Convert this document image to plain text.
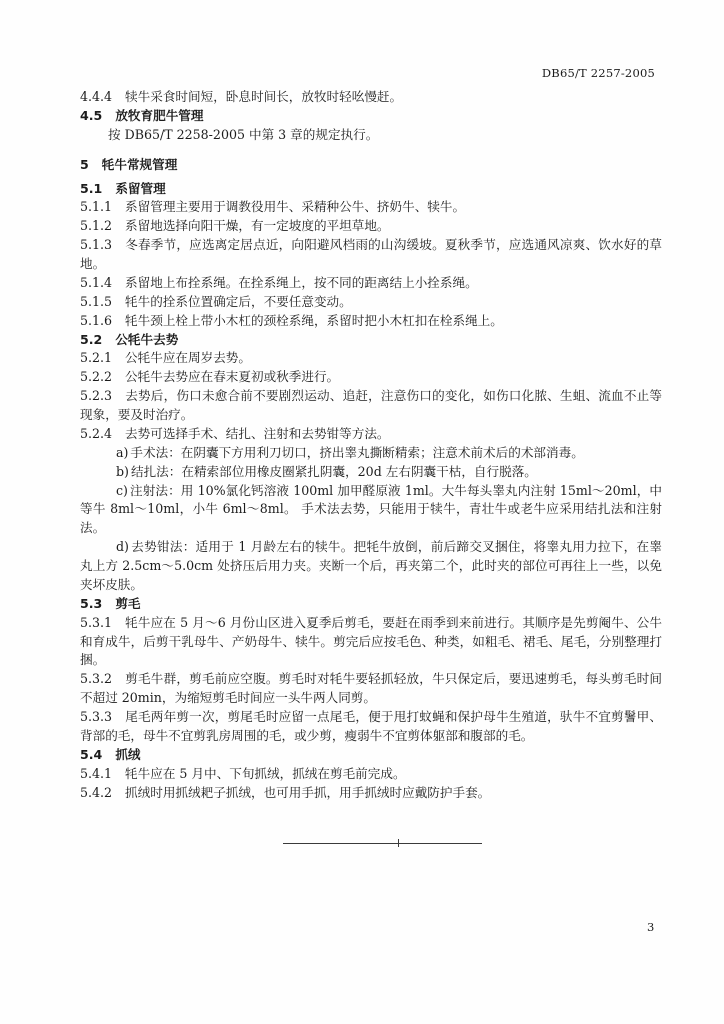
DB65/T 2257-2005

4.4.4 犊牛采食时间短，卧息时间长，放牧时轻吆慢赶。

4.5 放牧育肥牛管理

按 DB65/T 2258-2005 中第 3 章的规定执行。

5 牦牛常规管理

5.1 系留管理

5.1.1 系留管理主要用于调教役用牛、采精种公牛、挤奶牛、犊牛。

5.1.2 系留地选择向阳干燥，有一定坡度的平坦草地。

5.1.3 冬春季节，应选离定居点近，向阳避风档雨的山沟缓坡。夏秋季节，应选通风凉爽、饮水好的草地。

5.1.4 系留地上布拴系绳。在拴系绳上，按不同的距离结上小拴系绳。

5.1.5 牦牛的拴系位置确定后，不要任意变动。

5.1.6 牦牛颈上栓上带小木杠的颈栓系绳，系留时把小木杠扣在栓系绳上。

5.2 公牦牛去势

5.2.1 公牦牛应在周岁去势。

5.2.2 公牦牛去势应在春末夏初或秋季进行。

5.2.3 去势后，伤口未愈合前不要剧烈运动、追赶，注意伤口的变化，如伤口化脓、生蛆、流血不止等现象，要及时治疗。

5.2.4 去势可选择手术、结扎、注射和去势钳等方法。

a) 手术法：在阴囊下方用利刀切口，挤出睾丸撕断精索；注意术前术后的术部消毒。

b) 结扎法：在精索部位用橡皮圈紧扎阴囊，20d 左右阴囊干枯，自行脱落。

c) 注射法：用 10%氯化钙溶液 100ml 加甲醛原液 1ml。大牛每头睾丸内注射 15ml～20ml，中等牛 8ml～10ml，小牛 6ml～8ml。 手术法去势，只能用于犊牛，青壮牛或老牛应采用结扎法和注射法。

d) 去势钳法：适用于 1 月龄左右的犊牛。把牦牛放倒，前后蹄交叉捆住，将睾丸用力拉下，在睾丸上方 2.5cm～5.0cm 处挤压后用力夹。夹断一个后，再夹第二个，此时夹的部位可再往上一些，以免夹坏皮肤。

5.3 剪毛

5.3.1 牦牛应在 5 月～6 月份山区进入夏季后剪毛，要赶在雨季到来前进行。其顺序是先剪阉牛、公牛和育成牛，后剪干乳母牛、产奶母牛、犊牛。剪完后应按毛色、种类，如粗毛、裙毛、尾毛，分别整理打捆。

5.3.2 剪毛牛群，剪毛前应空腹。剪毛时对牦牛要轻抓轻放，牛只保定后，要迅速剪毛，每头剪毛时间不超过 20min，为缩短剪毛时间应一头牛两人同剪。

5.3.3 尾毛两年剪一次，剪尾毛时应留一点尾毛，便于甩打蚊蝇和保护母牛生殖道，驮牛不宜剪鬐甲、背部的毛，母牛不宜剪乳房周围的毛，或少剪，瘦弱牛不宜剪体躯部和腹部的毛。

5.4 抓绒

5.4.1 牦牛应在 5 月中、下旬抓绒，抓绒在剪毛前完成。

5.4.2 抓绒时用抓绒耙子抓绒，也可用手抓，用手抓绒时应戴防护手套。

3
